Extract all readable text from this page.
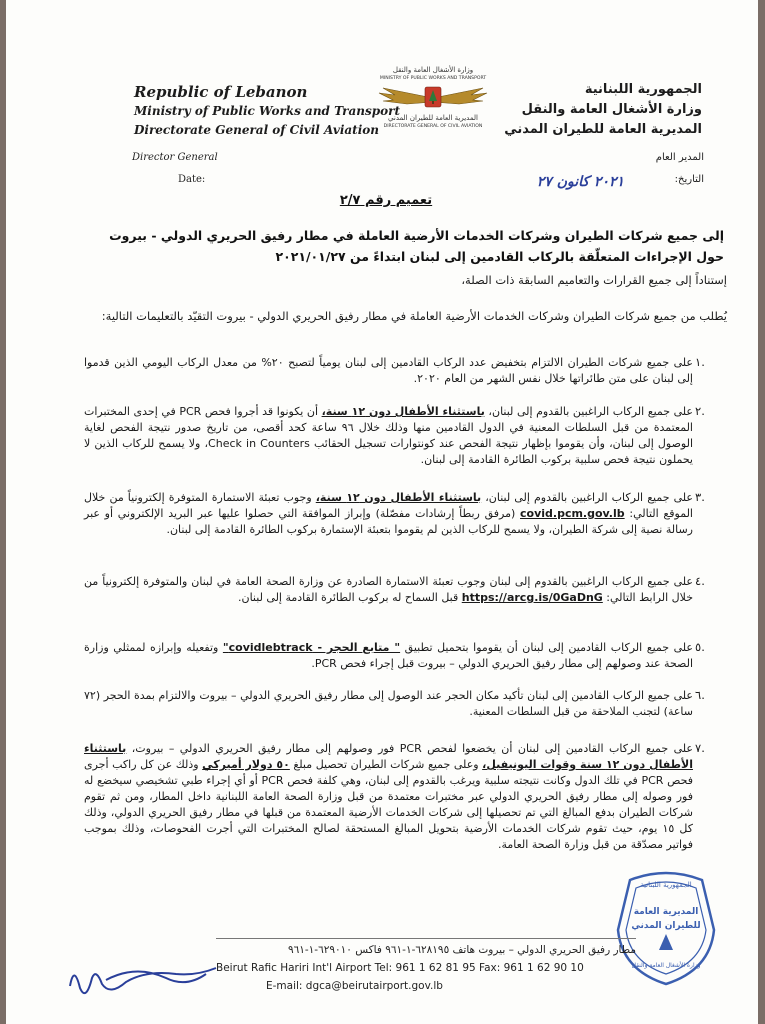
Republic of Lebanon
Ministry of Public Works and Transport
Directorate General of Civil Aviation
وزارة الأشغال العامة والنقل
MINISTRY OF PUBLIC WORKS AND TRANSPORT
المديرية العامة للطيران المدني
DIRECTORATE GENERAL OF CIVIL AVIATION
الجمهورية اللبنانية
وزارة الأشغال العامة والنقل
المديرية العامة للطيران المدني
Director General
Date:
المدير العام
التاريخ:
٢٠٢١ كانون ٢٧
تعميم رقم ٢/٧
إلى جميع شركات الطيران وشركات الخدمات الأرضية العاملة في مطار رفيق الحريري الدولي - بيروت
حول الإجراءات المتعلّقة بالركاب القادمين إلى لبنان ابتداءً من ٢٠٢١/٠١/٢٧
إستناداً إلى جميع القرارات والتعاميم السابقة ذات الصلة،
يُطلب من جميع شركات الطيران وشركات الخدمات الأرضية العاملة في مطار رفيق الحريري الدولي - بيروت التقيّد بالتعليمات التالية:
١.
على جميع شركات الطيران الالتزام بتخفيض عدد الركاب القادمين إلى لبنان يومياً لتصبح ٢٠% من معدل الركاب اليومي الذين قدموا إلى لبنان على متن طائراتها خلال نفس الشهر من العام ٢٠٢٠.
٢.
على جميع الركاب الراغبين بالقدوم إلى لبنان، باستثناء الأطفال دون ١٢ سنة، أن يكونوا قد أجروا فحص PCR في إحدى المختبرات المعتمدة من قبل السلطات المعنية في الدول القادمين منها وذلك خلال ٩٦ ساعة كحد أقصى، من تاريخ صدور نتيجة الفحص لغاية الوصول إلى لبنان، وأن يقوموا بإظهار نتيجة الفحص عند كونتوارات تسجيل الحقائب Check in Counters، ولا يسمح للركاب الذين لا يحملون نتيجة فحص سلبية بركوب الطائرة القادمة إلى لبنان.
٣.
على جميع الركاب الراغبين بالقدوم إلى لبنان، باستثناء الأطفال دون ١٢ سنة، وجوب تعبئة الاستمارة المتوفرة إلكترونياً من خلال الموقع التالي: covid.pcm.gov.lb (مرفق ربطاً إرشادات مفصّلة) وإبراز الموافقة التي حصلوا عليها عبر البريد الإلكتروني أو عبر رسالة نصية إلى شركة الطيران، ولا يسمح للركاب الذين لم يقوموا بتعبئة الإستمارة بركوب الطائرة القادمة إلى لبنان.
٤.
على جميع الركاب الراغبين بالقدوم إلى لبنان وجوب تعبئة الاستمارة الصادرة عن وزارة الصحة العامة في لبنان والمتوفرة إلكترونياً من خلال الرابط التالي: https://arcg.is/0GaDnG قبل السماح له بركوب الطائرة القادمة إلى لبنان.
٥.
على جميع الركاب القادمين إلى لبنان أن يقوموا بتحميل تطبيق " متابع الحجر - covidlebtrack" وتفعيله وإبرازه لممثلي وزارة الصحة عند وصولهم إلى مطار رفيق الحريري الدولي – بيروت قبل إجراء فحص PCR.
٦.
على جميع الركاب القادمين إلى لبنان تأكيد مكان الحجر عند الوصول إلى مطار رفيق الحريري الدولي – بيروت والالتزام بمدة الحجر (٧٢ ساعة) لتجنب الملاحقة من قبل السلطات المعنية.
٧.
على جميع الركاب القادمين إلى لبنان أن يخضعوا لفحص PCR فور وصولهم إلى مطار رفيق الحريري الدولي – بيروت، باستثناء الأطفال دون ١٢ سنة وقوات اليونيفيل، وعلى جميع شركات الطيران تحصيل مبلغ ٥٠ دولار أميركي وذلك عن كل راكب أجرى فحص PCR في تلك الدول وكانت نتيجته سلبية ويرغب بالقدوم إلى لبنان، وهي كلفة فحص PCR أو أي إجراء طبي تشخيصي سيخضع له فور وصوله إلى مطار رفيق الحريري الدولي عبر مختبرات معتمدة من قبل وزارة الصحة العامة اللبنانية داخل المطار، ومن ثم تقوم شركات الطيران بدفع المبالغ التي تم تحصيلها إلى شركات الخدمات الأرضية المعتمدة من قبلها في مطار رفيق الحريري الدولي، وذلك كل ١٥ يوم، حيث تقوم شركات الخدمات الأرضية بتحويل المبالغ المستحقة لصالح المختبرات التي أجرت الفحوصات، وذلك بموجب فواتير مصدّقة من قبل وزارة الصحة العامة.
الجمهورية اللبنانية
المديرية العامة
للطيران المدني
وزارة الأشغال العامة والنقل
مطار رفيق الحريري الدولي – بيروت هاتف ٦٢٨١٩٥-١-٩٦١ فاكس ٦٢٩٠١٠-١-٩٦١
Beirut Rafic Hariri Int'l Airport Tel: 961 1 62 81 95 Fax: 961 1 62 90 10
E-mail: dgca@beirutairport.gov.lb
